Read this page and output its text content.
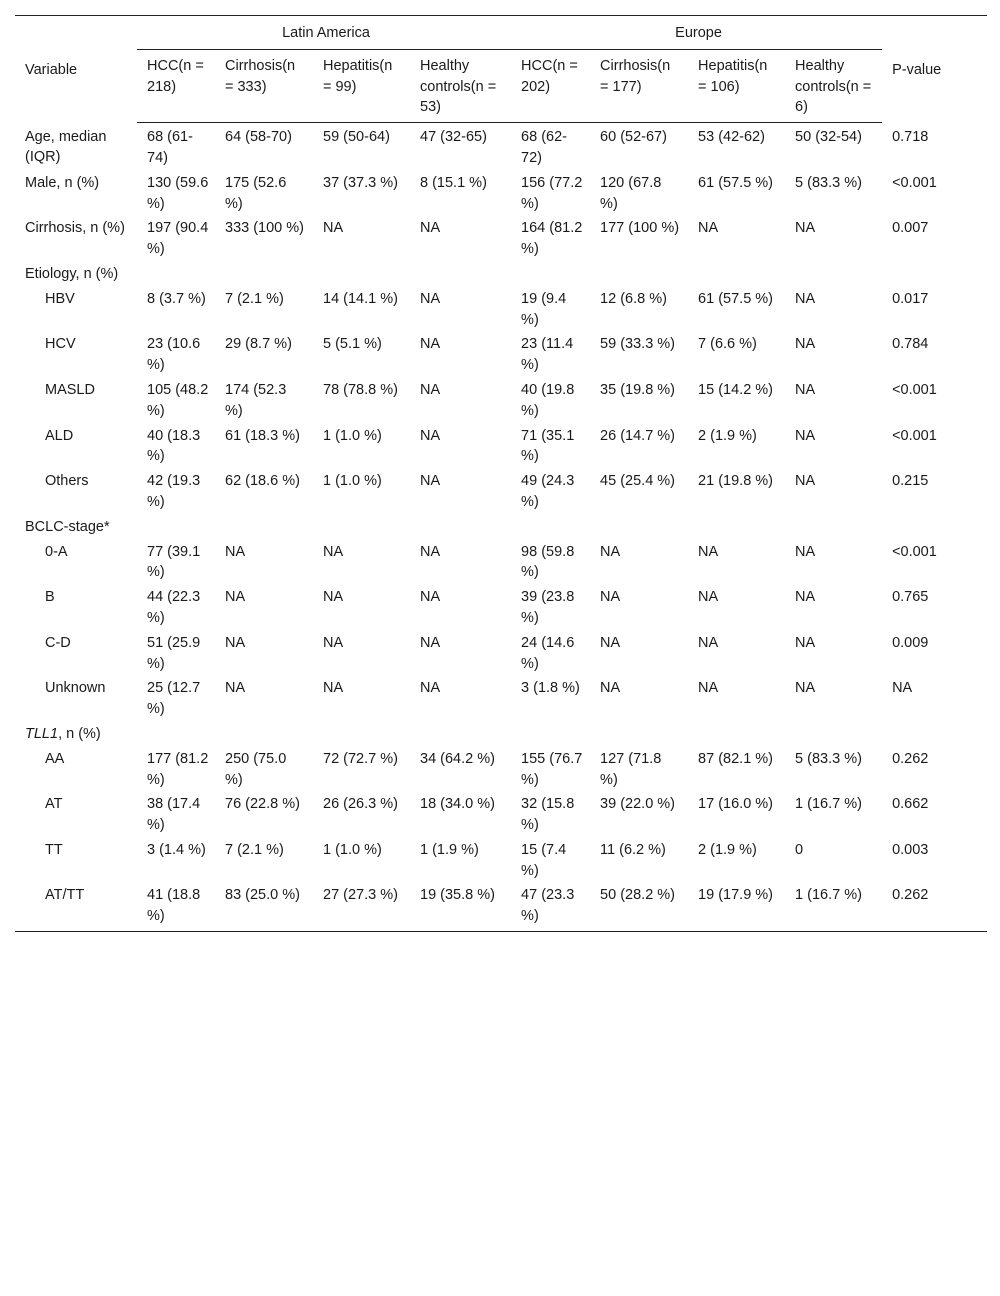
Variable	Latin America				Europe				P-value
	HCC(n = 218)	Cirrhosis(n = 333)	Hepatitis(n = 99)	Healthy controls(n = 53)	HCC(n = 202)	Cirrhosis(n = 177)	Hepatitis(n = 106)	Healthy controls(n = 6)	
Age, median (IQR)	68 (61-74)	64 (58-70)	59 (50-64)	47 (32-65)	68 (62-72)	60 (52-67)	53 (42-62)	50 (32-54)	0.718
Male, n (%)	130 (59.6 %)	175 (52.6 %)	37 (37.3 %)	8 (15.1 %)	156 (77.2 %)	120 (67.8 %)	61 (57.5 %)	5 (83.3 %)	<0.001
Cirrhosis, n (%)	197 (90.4 %)	333 (100 %)	NA	NA	164 (81.2 %)	177 (100 %)	NA	NA	0.007
Etiology, n (%)									
HBV	8 (3.7 %)	7 (2.1 %)	14 (14.1 %)	NA	19 (9.4 %)	12 (6.8 %)	61 (57.5 %)	NA	0.017
HCV	23 (10.6 %)	29 (8.7 %)	5 (5.1 %)	NA	23 (11.4 %)	59 (33.3 %)	7 (6.6 %)	NA	0.784
MASLD	105 (48.2 %)	174 (52.3 %)	78 (78.8 %)	NA	40 (19.8 %)	35 (19.8 %)	15 (14.2 %)	NA	<0.001
ALD	40 (18.3 %)	61 (18.3 %)	1 (1.0 %)	NA	71 (35.1 %)	26 (14.7 %)	2 (1.9 %)	NA	<0.001
Others	42 (19.3 %)	62 (18.6 %)	1 (1.0 %)	NA	49 (24.3 %)	45 (25.4 %)	21 (19.8 %)	NA	0.215
BCLC-stage*									
0-A	77 (39.1 %)	NA	NA	NA	98 (59.8 %)	NA	NA	NA	<0.001
B	44 (22.3 %)	NA	NA	NA	39 (23.8 %)	NA	NA	NA	0.765
C-D	51 (25.9 %)	NA	NA	NA	24 (14.6 %)	NA	NA	NA	0.009
Unknown	25 (12.7 %)	NA	NA	NA	3 (1.8 %)	NA	NA	NA	NA
TLL1, n (%)									
AA	177 (81.2 %)	250 (75.0 %)	72 (72.7 %)	34 (64.2 %)	155 (76.7 %)	127 (71.8 %)	87 (82.1 %)	5 (83.3 %)	0.262
AT	38 (17.4 %)	76 (22.8 %)	26 (26.3 %)	18 (34.0 %)	32 (15.8 %)	39 (22.0 %)	17 (16.0 %)	1 (16.7 %)	0.662
TT	3 (1.4 %)	7 (2.1 %)	1 (1.0 %)	1 (1.9 %)	15 (7.4 %)	11 (6.2 %)	2 (1.9 %)	0	0.003
AT/TT	41 (18.8 %)	83 (25.0 %)	27 (27.3 %)	19 (35.8 %)	47 (23.3 %)	50 (28.2 %)	19 (17.9 %)	1 (16.7 %)	0.262
